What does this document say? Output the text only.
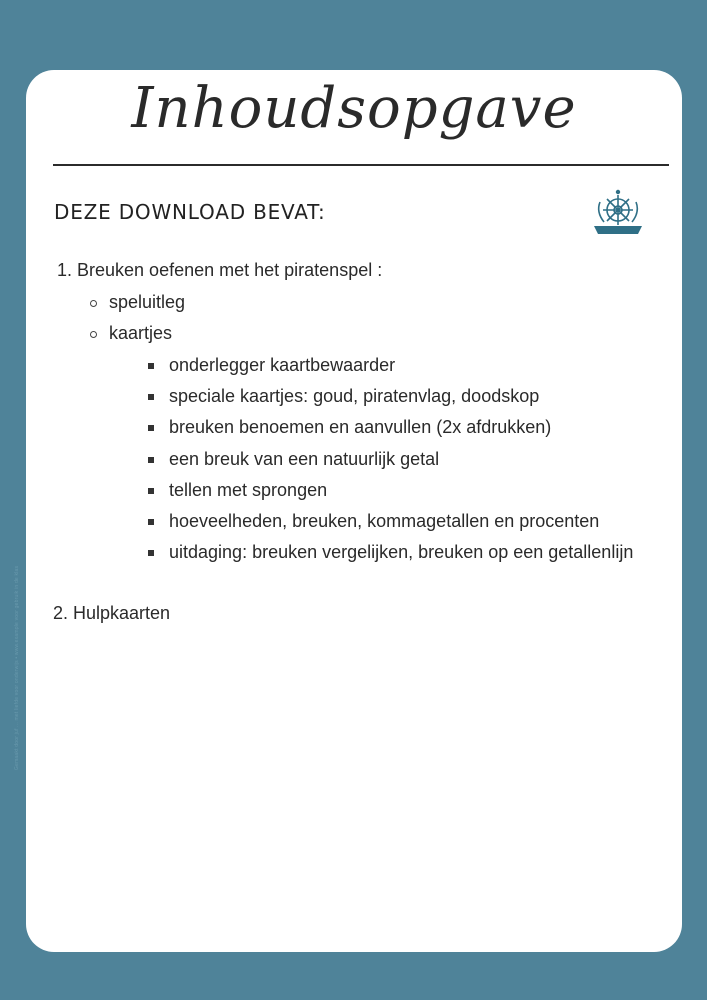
Gemaakt door juf ... met liefde voor onderwijs • www.example voor gebruik in de klas
Inhoudsopgave
DEZE DOWNLOAD BEVAT:
1. Breuken oefenen met het piratenspel :
speluitleg
kaartjes
onderlegger kaartbewaarder
speciale kaartjes: goud, piratenvlag, doodskop
breuken benoemen en aanvullen (2x afdrukken)
een breuk van een natuurlijk getal
tellen met sprongen
hoeveelheden, breuken, kommagetallen en procenten
uitdaging: breuken vergelijken, breuken op een getallenlijn
2. Hulpkaarten
